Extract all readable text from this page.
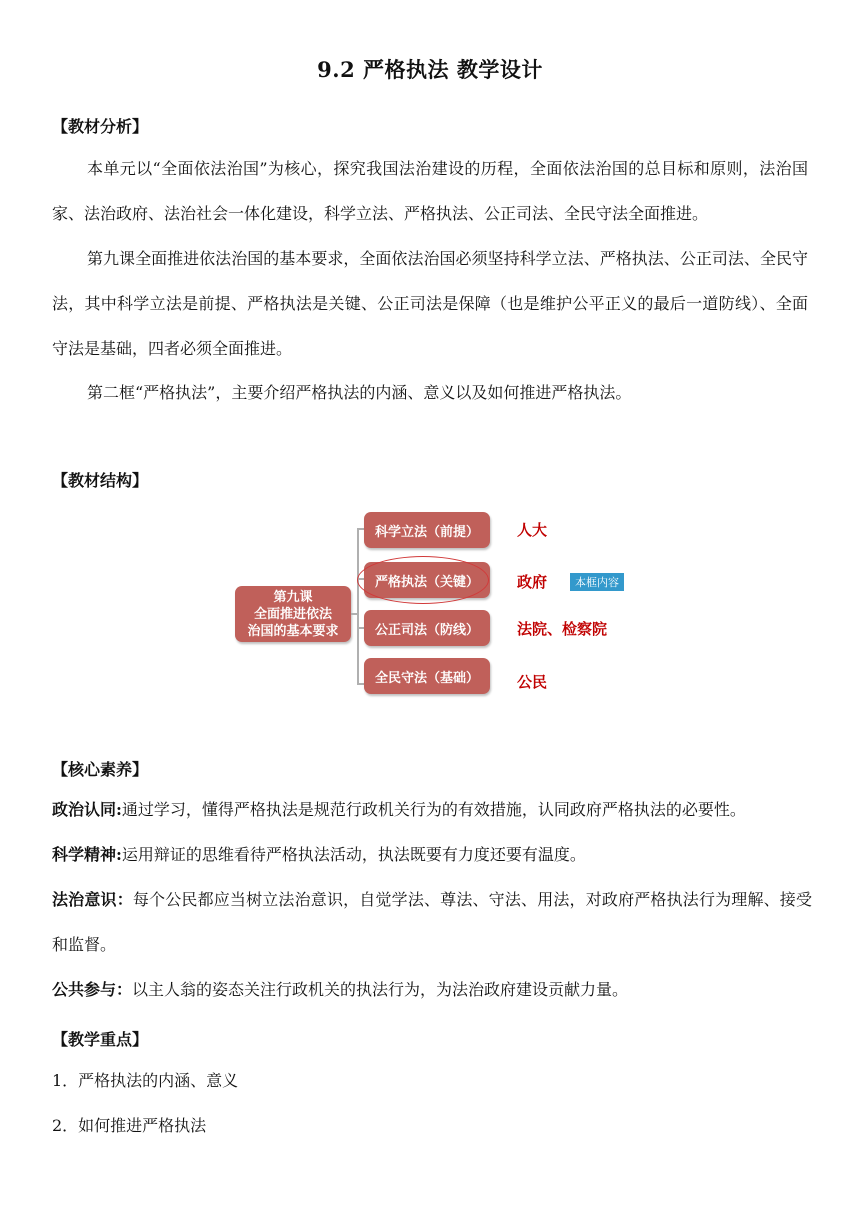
9.2 严格执法 教学设计
【教材分析】
本单元以“全面依法治国”为核心，探究我国法治建设的历程，全面依法治国的总目标和原则，法治国家、法治政府、法治社会一体化建设，科学立法、严格执法、公正司法、全民守法全面推进。
第九课全面推进依法治国的基本要求，全面依法治国必须坚持科学立法、严格执法、公正司法、全民守法，其中科学立法是前提、严格执法是关键、公正司法是保障（也是维护公平正义的最后一道防线）、全面守法是基础，四者必须全面推进。
第二框“严格执法”，主要介绍严格执法的内涵、意义以及如何推进严格执法。
【教材结构】
第九课
全面推进依法
治国的基本要求
科学立法（前提）
严格执法（关键）
公正司法（防线）
全民守法（基础）
人大
政府
法院、检察院
公民
本框内容
【核心素养】
政治认同:通过学习，懂得严格执法是规范行政机关行为的有效措施，认同政府严格执法的必要性。
科学精神:运用辩证的思维看待严格执法活动，执法既要有力度还要有温度。
法治意识：每个公民都应当树立法治意识，自觉学法、尊法、守法、用法，对政府严格执法行为理解、接受和监督。
公共参与：以主人翁的姿态关注行政机关的执法行为，为法治政府建设贡献力量。
【教学重点】
1．严格执法的内涵、意义
2．如何推进严格执法
